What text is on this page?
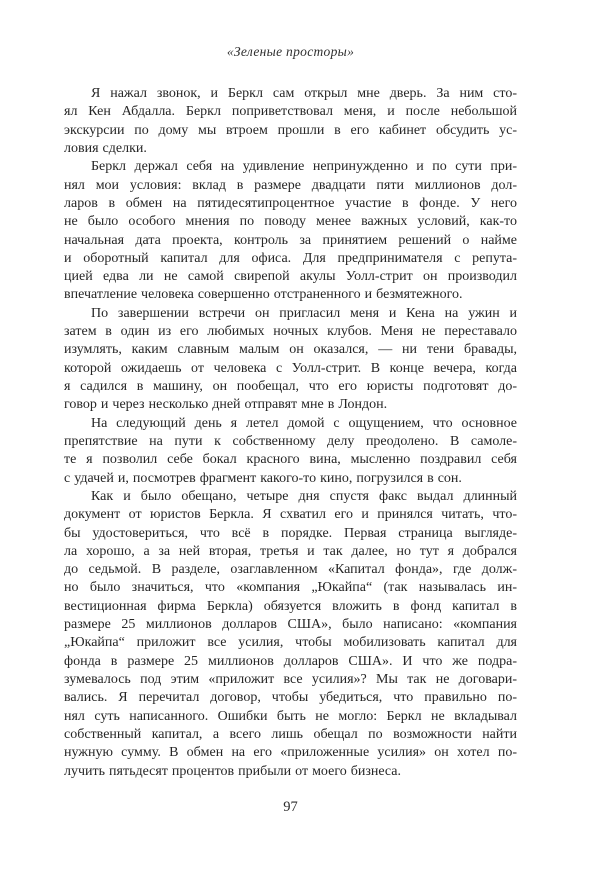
«Зеленые просторы»
Я нажал звонок, и Беркл сам открыл мне дверь. За ним сто-
ял Кен Абдалла. Беркл поприветствовал меня, и после небольшой
экскурсии по дому мы втроем прошли в его кабинет обсудить ус-
ловия сделки.
Беркл держал себя на удивление непринужденно и по сути при-
нял мои условия: вклад в размере двадцати пяти миллионов дол-
ларов в обмен на пятидесятипроцентное участие в фонде. У него
не было особого мнения по поводу менее важных условий, как-то
начальная дата проекта, контроль за принятием решений о найме
и оборотный капитал для офиса. Для предпринимателя с репута-
цией едва ли не самой свирепой акулы Уолл-стрит он производил
впечатление человека совершенно отстраненного и безмятежного.
По завершении встречи он пригласил меня и Кена на ужин и
затем в один из его любимых ночных клубов. Меня не переставало
изумлять, каким славным малым он оказался, — ни тени бравады,
которой ожидаешь от человека с Уолл-стрит. В конце вечера, когда
я садился в машину, он пообещал, что его юристы подготовят до-
говор и через несколько дней отправят мне в Лондон.
На следующий день я летел домой с ощущением, что основное
препятствие на пути к собственному делу преодолено. В самоле-
те я позволил себе бокал красного вина, мысленно поздравил себя
с удачей и, посмотрев фрагмент какого-то кино, погрузился в сон.
Как и было обещано, четыре дня спустя факс выдал длинный
документ от юристов Беркла. Я схватил его и принялся читать, что-
бы удостовериться, что всё в порядке. Первая страница выгляде-
ла хорошо, а за ней вторая, третья и так далее, но тут я добрался
до седьмой. В разделе, озаглавленном «Капитал фонда», где долж-
но было значиться, что «компания „Юкайпа“ (так называлась ин-
вестиционная фирма Беркла) обязуется вложить в фонд капитал в
размере 25 миллионов долларов США», было написано: «компания
„Юкайпа“ приложит все усилия, чтобы мобилизовать капитал для
фонда в размере 25 миллионов долларов США». И что же подра-
зумевалось под этим «приложит все усилия»? Мы так не договари-
вались. Я перечитал договор, чтобы убедиться, что правильно по-
нял суть написанного. Ошибки быть не могло: Беркл не вкладывал
собственный капитал, а всего лишь обещал по возможности найти
нужную сумму. В обмен на его «приложенные усилия» он хотел по-
лучить пятьдесят процентов прибыли от моего бизнеса.
97
